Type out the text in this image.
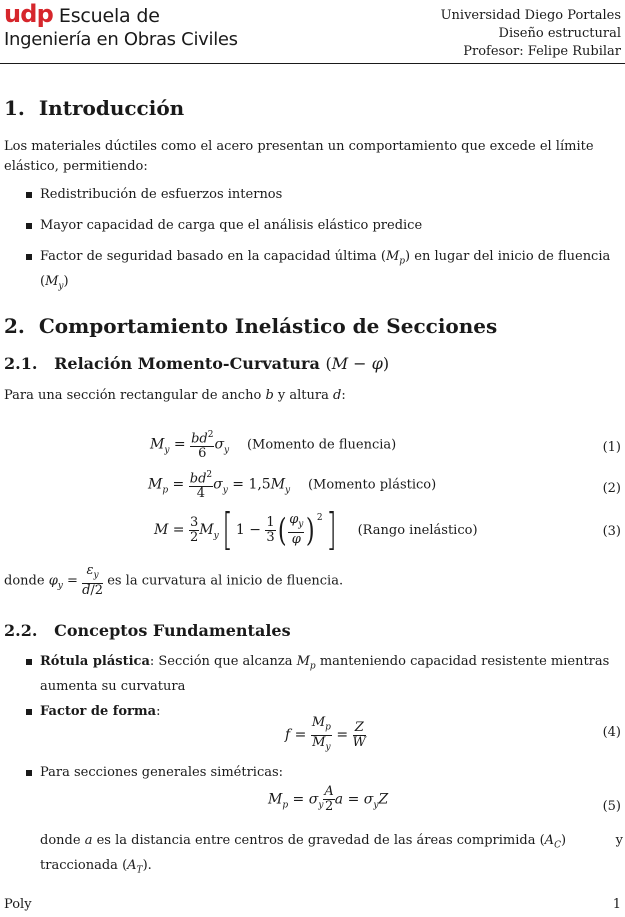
udp Escuela de
Ingeniería en Obras Civiles
Universidad Diego Portales
Diseño estructural
Profesor: Felipe Rubilar
1. Introducción
Los materiales dúctiles como el acero presentan un comportamiento que excede el límite
elástico, permitiendo:
Redistribución de esfuerzos internos
Mayor capacidad de carga que el análisis elástico predice
Factor de seguridad basado en la capacidad última $(M_p)$ en lugar del inicio de fluencia
$(M_y)$
2. Comportamiento Inelástico de Secciones
2.1. Relación Momento-Curvatura (M − φ)
Para una sección rectangular de ancho b y altura d:
$M_y = \frac{bd^2}{6} \sigma_y$ (Momento de fluencia)	(1)
$M_p = \frac{bd^2}{4} \sigma_y = 1,5M_y$ (Momento plástico)	(2)
$M = \frac{3}{2} M_y$[ $1 - \frac{1}{3}$ ( $\frac{\varphi_y}{\varphi}$ ) $^2$] (Rango inelástico)	(3)
donde $\varphi_y = \frac{\varepsilon_y}{d/2}$ es la curvatura al inicio de fluencia.
2.2. Conceptos Fundamentales
Rótula plástica: Sección que alcanza $M_p$ manteniendo capacidad resistente mientras
aumenta su curvatura
Factor de forma:
$f = \frac{M_p}{M_y} = \frac{Z}{W}$	(4)
Para secciones generales simétricas:
$M_p = \sigma_y \frac{A}{2}$ $a = \sigma_yZ$	(5)
donde a es la distancia entre centros de gravedad de las áreas comprimida $(A_C)$	y
traccionada $(A_T)$.
Poly	1
